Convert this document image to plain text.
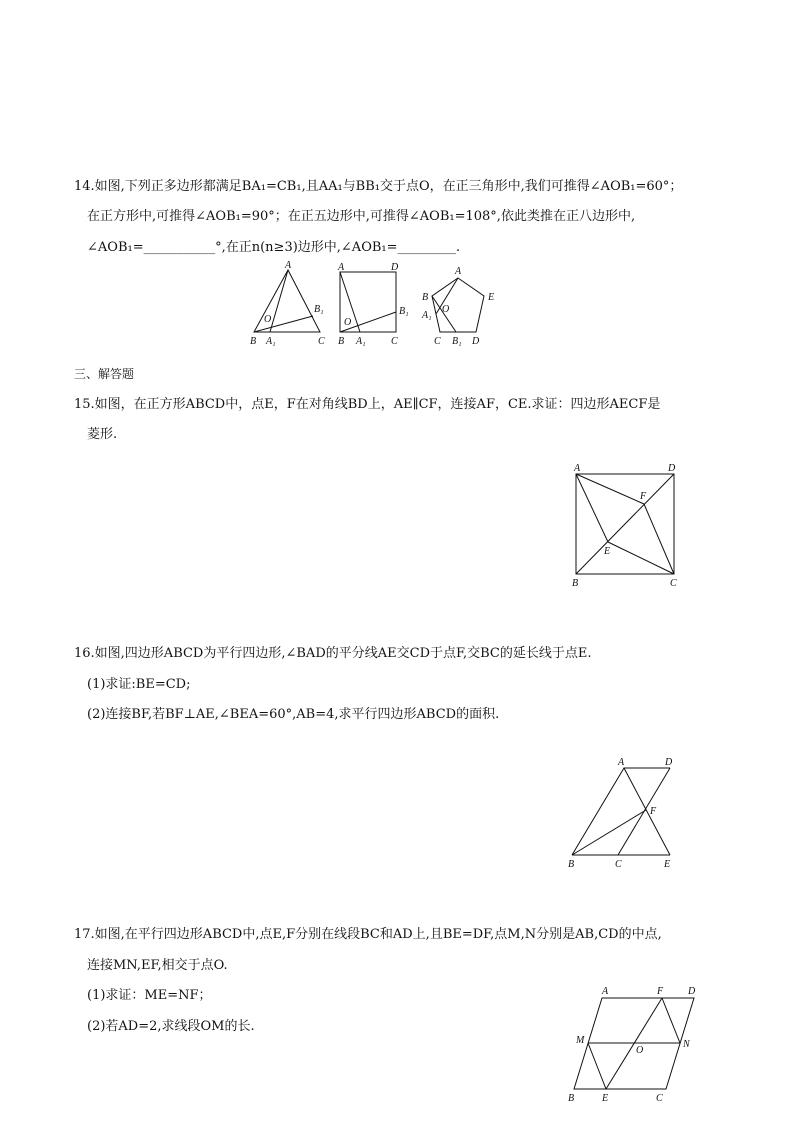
14.如图,下列正多边形都满足BA₁=CB₁,且AA₁与BB₁交于点O，在正三角形中,我们可推得∠AOB₁=60°；
在正方形中,可推得∠AOB₁=90°；在正五边形中,可推得∠AOB₁=108°,依此类推在正八边形中,
∠AOB₁=___________°,在正n(n≥3)边形中,∠AOB₁=_________.
A
B	C
O
A₁
B₁
A	D
B	C
O
A₁
B₁
A
B	E
C	D
O
A₁
B₁
三、解答题
15.如图，在正方形ABCD中，点E，F在对角线BD上，AE∥CF，连接AF，CE.求证：四边形AECF是
菱形.
A	D
B	C
F
E
16.如图,四边形ABCD为平行四边形,∠BAD的平分线AE交CD于点F,交BC的延长线于点E.
(1)求证:BE=CD;
(2)连接BF,若BF⊥AE,∠BEA=60°,AB=4,求平行四边形ABCD的面积.
A	D
F
B	C	E
17.如图,在平行四边形ABCD中,点E,F分别在线段BC和AD上,且BE=DF,点M,N分别是AB,CD的中点,
连接MN,EF,相交于点O.
(1)求证：ME=NF；
(2)若AD=2,求线段OM的长.
A	F D
M	N
O
B	E	C
